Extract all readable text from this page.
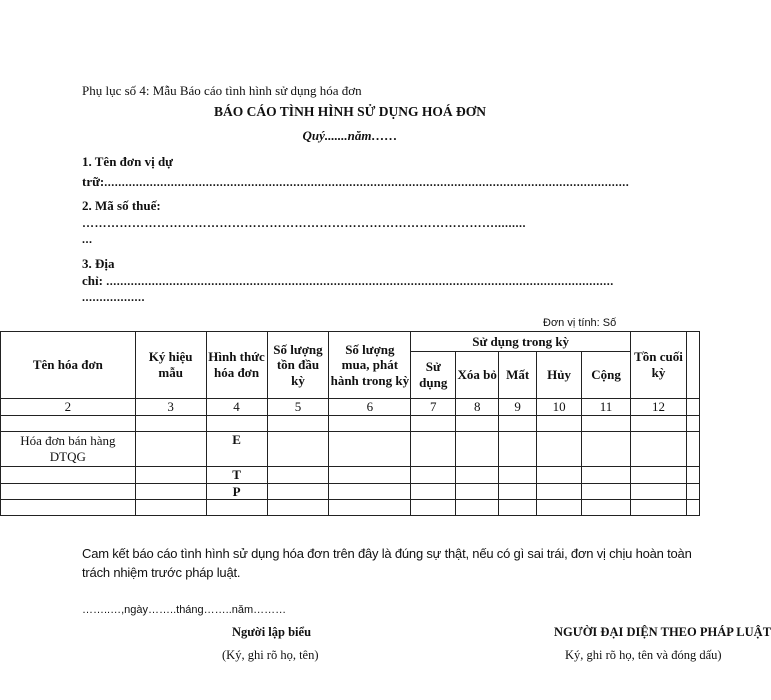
Phụ lục số 4: Mẫu Báo cáo tình hình sử dụng hóa đơn
BÁO CÁO TÌNH HÌNH SỬ DỤNG HOÁ ĐƠN
Quý.......năm……
1. Tên đơn vị dự
trữ:......................................................................................................................................................
2. Mã số thuế:
……………………………………………………………………………………….........
...
3. Địa
chỉ: .................................................................................................................................................
..................
Đơn vị tính: Số
Tên hóa đơn	Ký hiệu mẫu	Hình thức hóa đơn	Số lượng tồn đầu kỳ	Số lượng mua, phát hành trong kỳ	Sử dụng trong kỳ					Tồn cuối kỳ	
					Sử dụng	Xóa bỏ	Mất	Hủy	Cộng		
2	3	4	5	6	7	8	9	10	11	12	

Hóa đơn bán hàng DTQG		E									
		T									
		P									

Cam kết báo cáo tình hình sử dụng hóa đơn trên đây là đúng sự thật, nếu có gì sai trái, đơn vị chịu hoàn toàn trách nhiệm trước pháp luật.
……..…,ngày……..tháng……..năm………
Người lập biểu
(Ký, ghi rõ họ, tên)
NGƯỜI ĐẠI DIỆN THEO PHÁP LUẬT
Ký, ghi rõ họ, tên và đóng dấu)
